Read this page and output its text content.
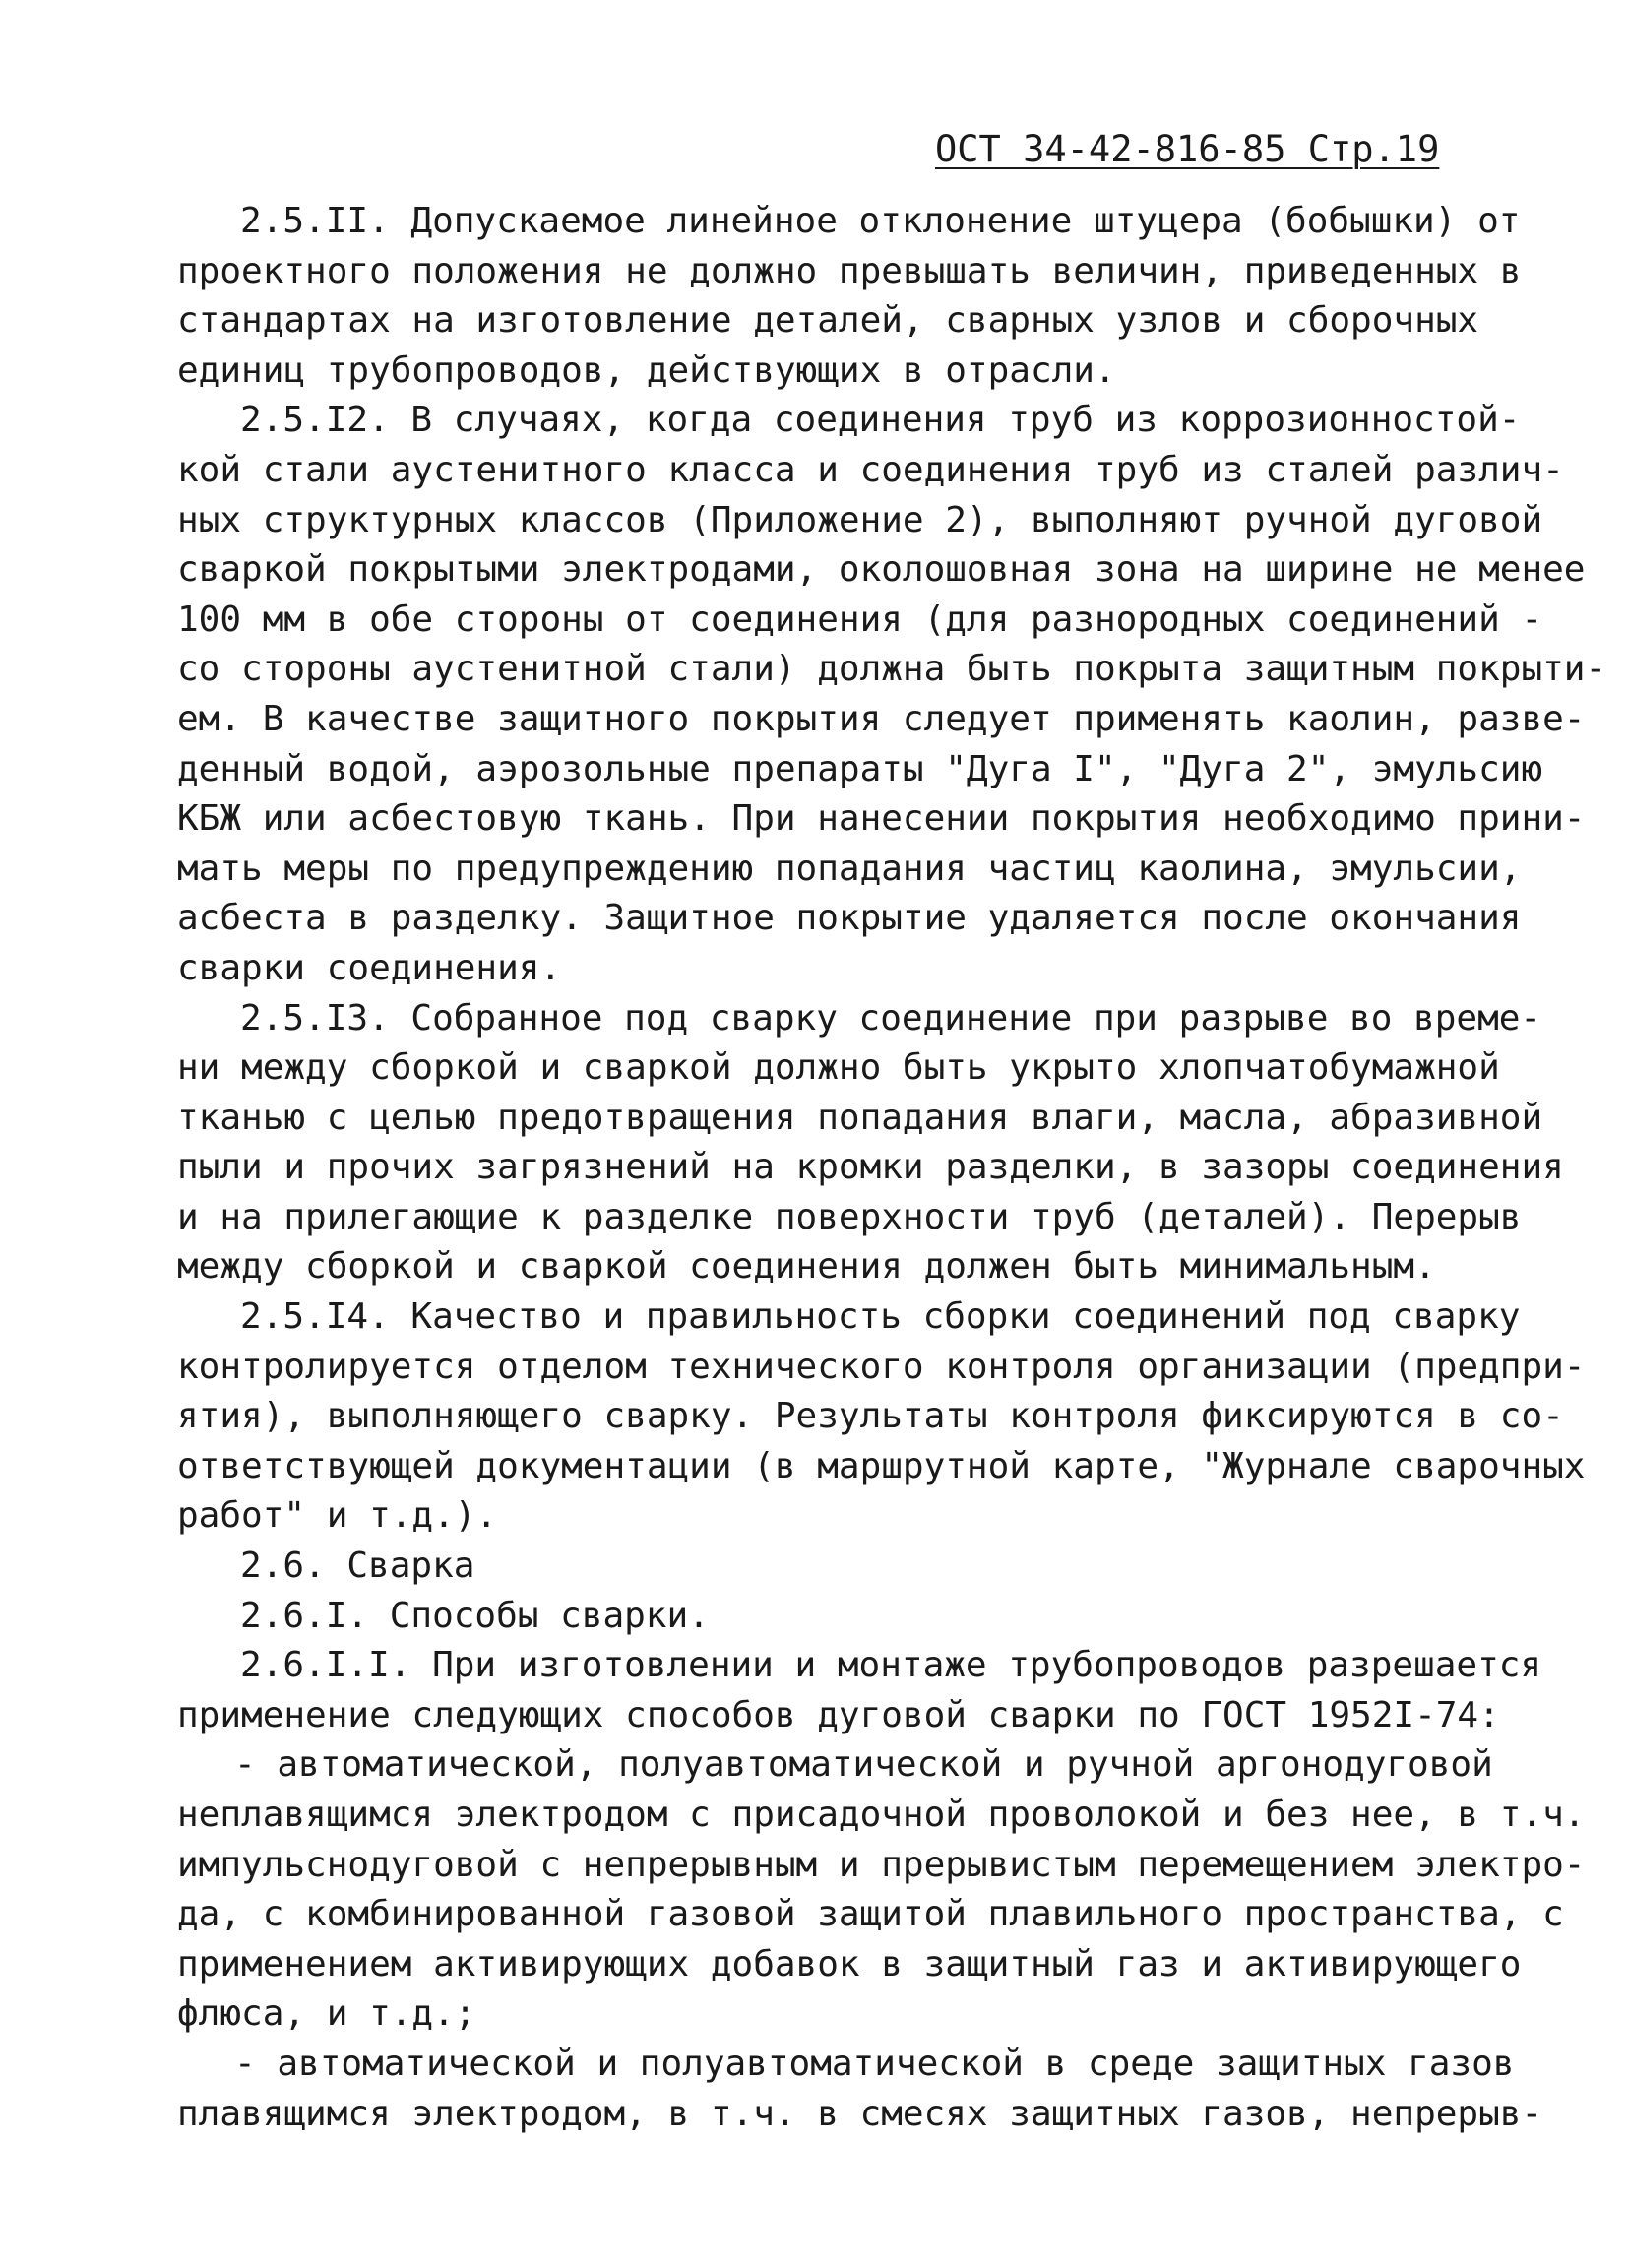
ОСТ 34-42-816-85 Стр.19
2.5.II. Допускаемое линейное отклонение штуцера (бобышки) от
проектного положения не должно превышать величин, приведенных в
стандартах на изготовление деталей, сварных узлов и сборочных
единиц трубопроводов, действующих в отрасли.
2.5.I2. В случаях, когда соединения труб из коррозионностой-
кой стали аустенитного класса и соединения труб из сталей различ-
ных структурных классов (Приложение 2), выполняют ручной дуговой
сваркой покрытыми электродами, околошовная зона на ширине не менее
100 мм в обе стороны от соединения (для разнородных соединений -
со стороны аустенитной стали) должна быть покрыта защитным покрыти-
ем. В качестве защитного покрытия следует применять каолин, разве-
денный водой, аэрозольные препараты "Дуга I", "Дуга 2", эмульсию
КБЖ или асбестовую ткань. При нанесении покрытия необходимо прини-
мать меры по предупреждению попадания частиц каолина, эмульсии,
асбеста в разделку. Защитное покрытие удаляется после окончания
сварки соединения.
2.5.I3. Собранное под сварку соединение при разрыве во време-
ни между сборкой и сваркой должно быть укрыто хлопчатобумажной
тканью с целью предотвращения попадания влаги, масла, абразивной
пыли и прочих загрязнений на кромки разделки, в зазоры соединения
и на прилегающие к разделке поверхности труб (деталей). Перерыв
между сборкой и сваркой соединения должен быть минимальным.
2.5.I4. Качество и правильность сборки соединений под сварку
контролируется отделом технического контроля организации (предпри-
ятия), выполняющего сварку. Результаты контроля фиксируются в со-
ответствующей документации (в маршрутной карте, "Журнале сварочных
работ" и т.д.).
2.6. Сварка
2.6.I. Способы сварки.
2.6.I.I. При изготовлении и монтаже трубопроводов разрешается
применение следующих способов дуговой сварки по ГОСТ 1952I-74:
- автоматической, полуавтоматической и ручной аргонодуговой
неплавящимся электродом с присадочной проволокой и без нее, в т.ч.
импульснодуговой с непрерывным и прерывистым перемещением электро-
да, с комбинированной газовой защитой плавильного пространства, с
применением активирующих добавок в защитный газ и активирующего
флюса, и т.д.;
- автоматической и полуавтоматической в среде защитных газов
плавящимся электродом, в т.ч. в смесях защитных газов, непрерыв-
